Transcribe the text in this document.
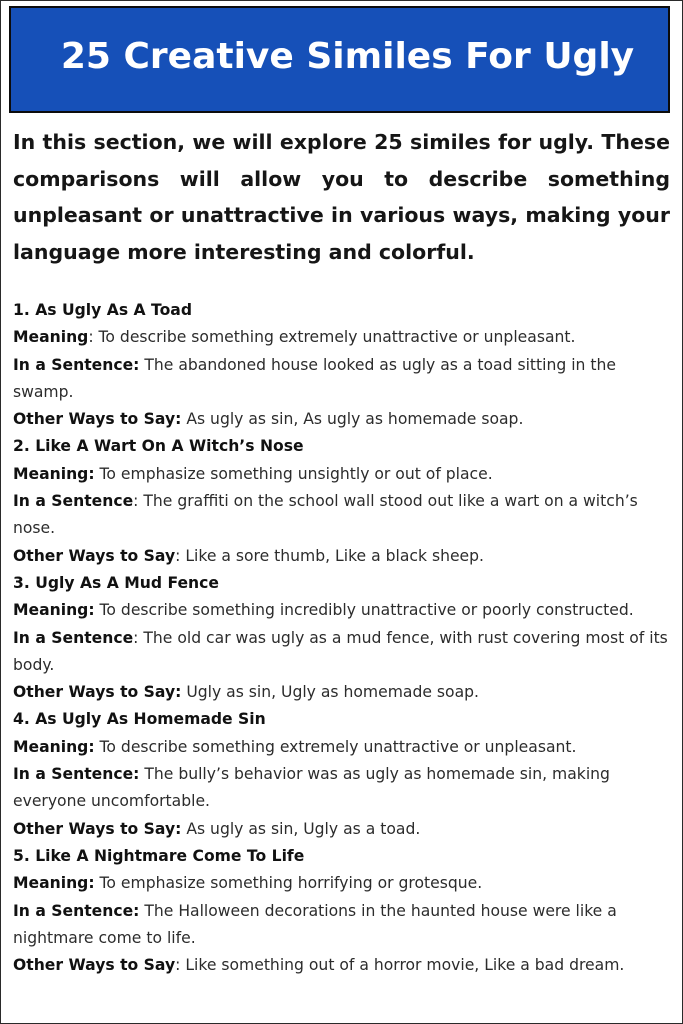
25 Creative Similes For Ugly

In this section, we will explore 25 similes for ugly. These comparisons will allow you to describe something unpleasant or unattractive in various ways, making your language more interesting and colorful.

1. As Ugly As A Toad

Meaning: To describe something extremely unattractive or unpleasant.

In a Sentence: The abandoned house looked as ugly as a toad sitting in the swamp.

Other Ways to Say: As ugly as sin, As ugly as homemade soap.

2. Like A Wart On A Witch’s Nose

Meaning: To emphasize something unsightly or out of place.

In a Sentence: The graffiti on the school wall stood out like a wart on a witch’s nose.

Other Ways to Say: Like a sore thumb, Like a black sheep.

3. Ugly As A Mud Fence

Meaning: To describe something incredibly unattractive or poorly constructed.

In a Sentence: The old car was ugly as a mud fence, with rust covering most of its body.

Other Ways to Say: Ugly as sin, Ugly as homemade soap.

4. As Ugly As Homemade Sin

Meaning: To describe something extremely unattractive or unpleasant.

In a Sentence: The bully’s behavior was as ugly as homemade sin, making everyone uncomfortable.

Other Ways to Say: As ugly as sin, Ugly as a toad.

5. Like A Nightmare Come To Life

Meaning: To emphasize something horrifying or grotesque.

In a Sentence: The Halloween decorations in the haunted house were like a nightmare come to life.

Other Ways to Say: Like something out of a horror movie, Like a bad dream.
